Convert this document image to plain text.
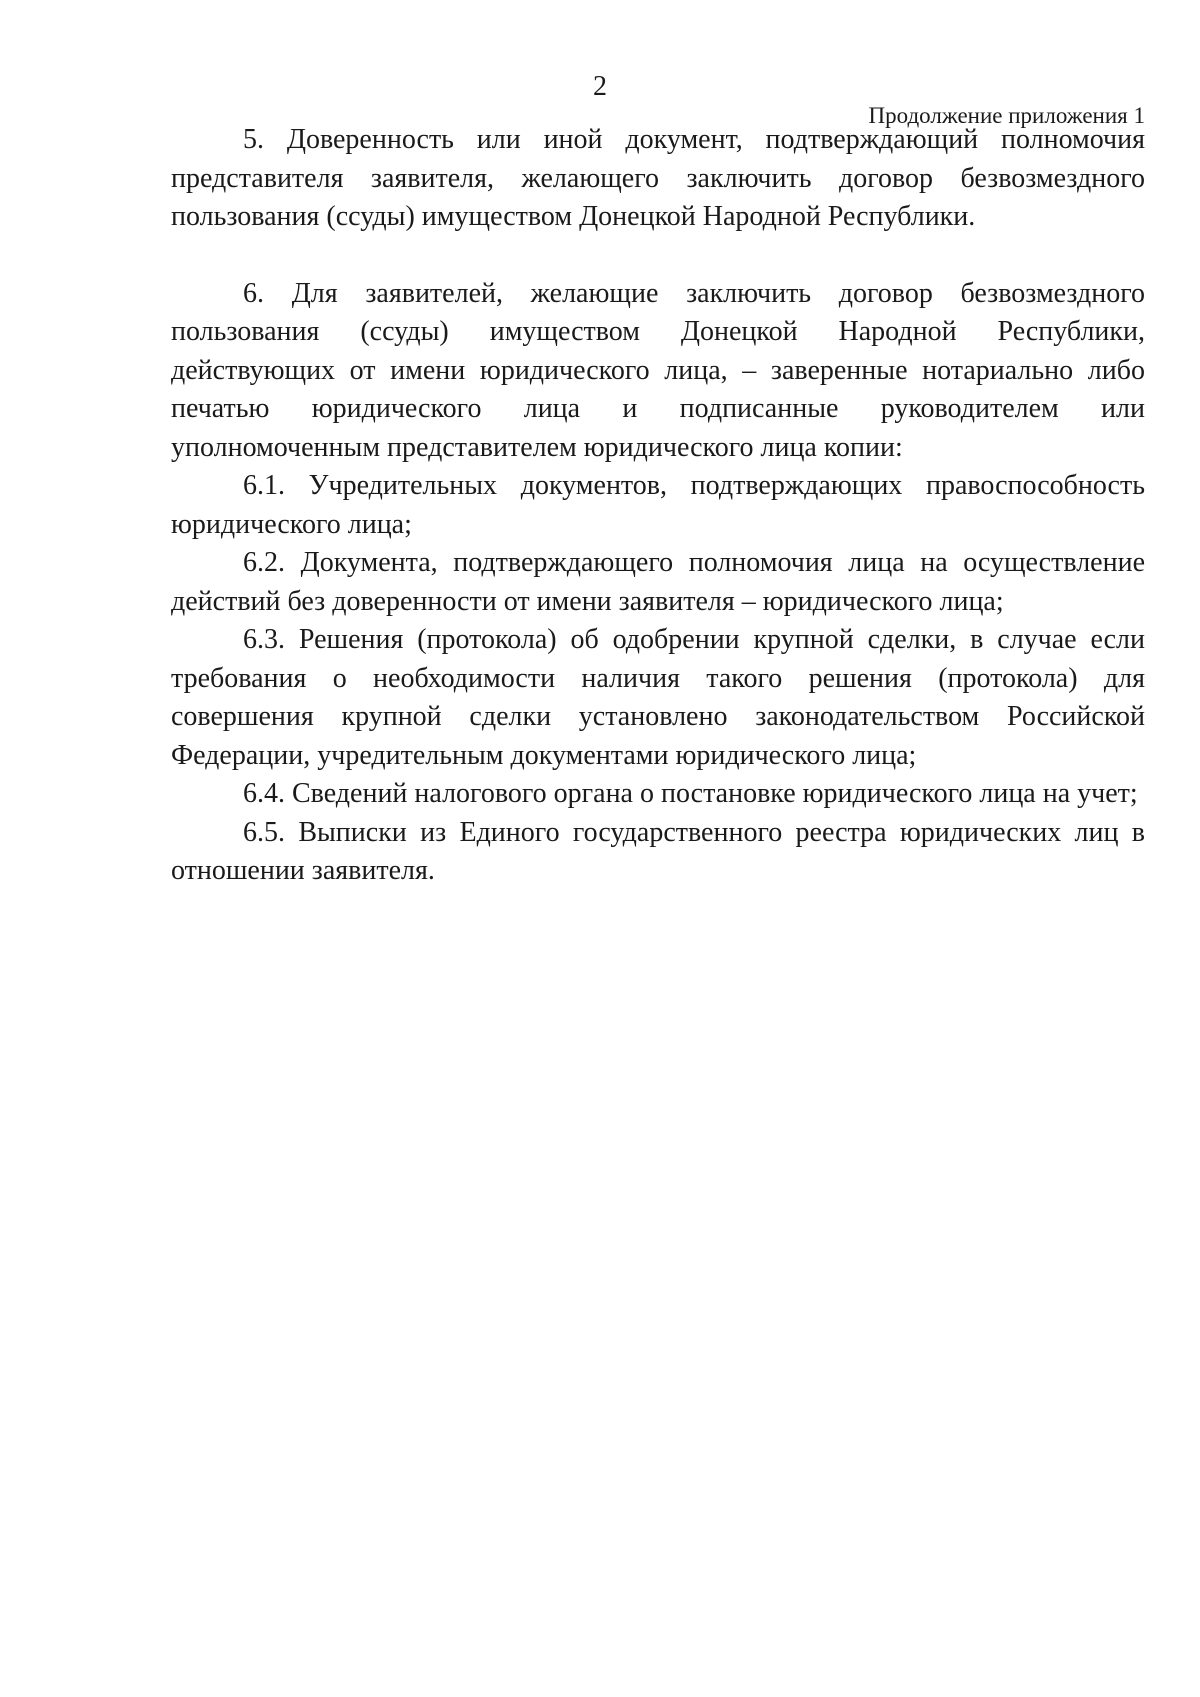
2
Продолжение приложения 1

5. Доверенность или иной документ, подтверждающий полномочия представителя заявителя, желающего заключить договор безвозмездного пользования (ссуды) имуществом Донецкой Народной Республики.

6. Для заявителей, желающие заключить договор безвозмездного пользования (ссуды) имуществом Донецкой Народной Республики, действующих от имени юридического лица, – заверенные нотариально либо печатью юридического лица и подписанные руководителем или уполномоченным представителем юридического лица копии:

6.1. Учредительных документов, подтверждающих правоспособность юридического лица;

6.2. Документа, подтверждающего полномочия лица на осуществление действий без доверенности от имени заявителя – юридического лица;

6.3. Решения (протокола) об одобрении крупной сделки, в случае если требования о необходимости наличия такого решения (протокола) для совершения крупной сделки установлено законодательством Российской Федерации, учредительным документами юридического лица;

6.4. Сведений налогового органа о постановке юридического лица на учет;

6.5. Выписки из Единого государственного реестра юридических лиц в отношении заявителя.
